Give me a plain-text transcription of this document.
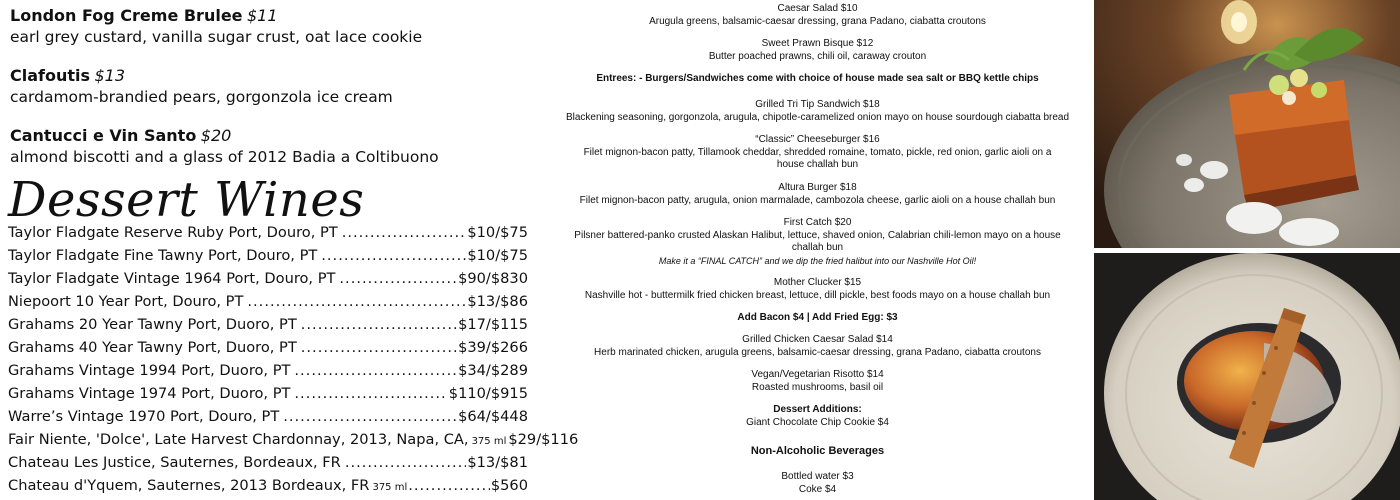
London Fog Creme Brulee $11
earl grey custard, vanilla sugar crust, oat lace cookie
Clafoutis $13
cardamom-brandied pears, gorgonzola ice cream
Cantucci e Vin Santo $20
almond biscotti and a glass of 2012 Badia a Coltibuono
Dessert Wines
Taylor Fladgate Reserve Ruby Port, Douro, PT .....	$10/$75
Taylor Fladgate Fine Tawny Port, Douro, PT .....	$10/$75
Taylor Fladgate Vintage 1964 Port, Douro, PT .....	$90/$830
Niepoort 10 Year Port, Douro, PT .....	$13/$86
Grahams 20 Year Tawny Port, Duoro, PT .....	$17/$115
Grahams 40 Year Tawny Port, Duoro, PT .....	$39/$266
Grahams Vintage 1994 Port, Duoro, PT .....	$34/$289
Grahams Vintage 1974 Port, Duoro, PT .....	$110/$915
Warre’s Vintage 1970 Port, Douro, PT .....	$64/$448
Fair Niente, 'Dolce', Late Harvest Chardonnay, 2013, Napa, CA, 375 ml $29/$116
Chateau Les Justice, Sauternes, Bordeaux, FR .....	$13/$81
Chateau d'Yquem, Sauternes, 2013 Bordeaux, FR 375 ml .....	$560
Caesar Salad $10
Arugula greens, balsamic-caesar dressing, grana Padano, ciabatta croutons
Sweet Prawn Bisque $12
Butter poached prawns, chili oil, caraway crouton
Entrees: - Burgers/Sandwiches come with choice of house made sea salt or BBQ kettle chips
Grilled Tri Tip Sandwich $18
Blackening seasoning, gorgonzola, arugula, chipotle-caramelized onion mayo on house sourdough ciabatta bread
“Classic” Cheeseburger $16
Filet mignon-bacon patty, Tillamook cheddar, shredded romaine, tomato, pickle, red onion, garlic aioli on a house challah bun
Altura Burger $18
Filet mignon-bacon patty, arugula, onion marmalade, cambozola cheese, garlic aioli on a house challah bun
First Catch $20
Pilsner battered-panko crusted Alaskan Halibut, lettuce, shaved onion, Calabrian chili-lemon mayo on a house challah bun
Make it a “FINAL CATCH” and we dip the fried halibut into our Nashville Hot Oil!
Mother Clucker $15
Nashville hot - buttermilk fried chicken breast, lettuce, dill pickle, best foods mayo on a house challah bun
Add Bacon $4 | Add Fried Egg: $3
Grilled Chicken Caesar Salad $14
Herb marinated chicken, arugula greens, balsamic-caesar dressing, grana Padano, ciabatta croutons
Vegan/Vegetarian Risotto $14
Roasted mushrooms, basil oil
Dessert Additions:
Giant Chocolate Chip Cookie $4
Non-Alcoholic Beverages
Bottled water $3
Coke $4
